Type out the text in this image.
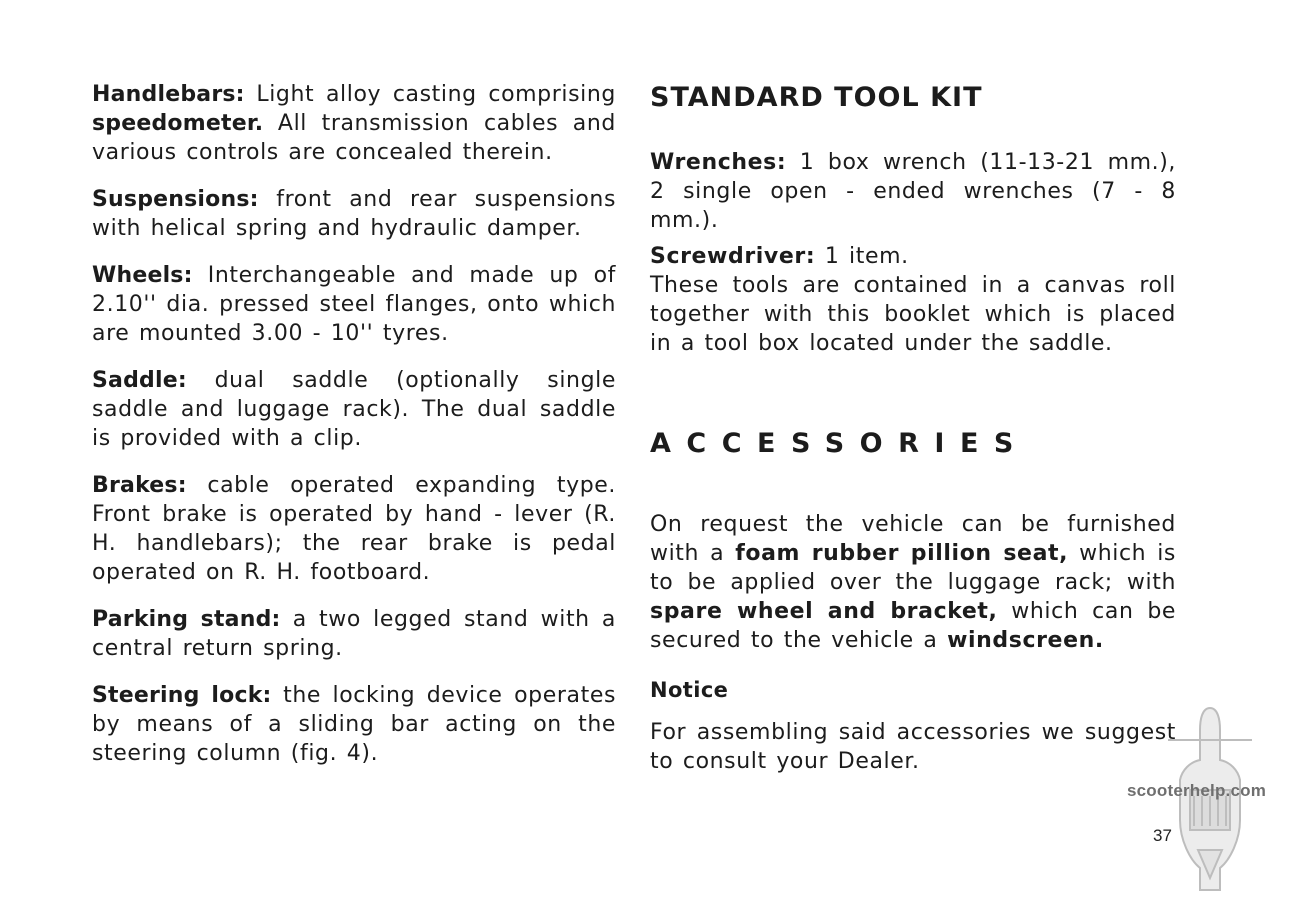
Handlebars: Light alloy casting comprising speedometer. All transmission cables and various controls are concealed therein.

Suspensions: front and rear suspensions with helical spring and hydraulic damper.

Wheels: Interchangeable and made up of 2.10'' dia. pressed steel flanges, onto which are mounted 3.00 - 10'' tyres.

Saddle: dual saddle (optionally single saddle and luggage rack). The dual saddle is provided with a clip.

Brakes: cable operated expanding type. Front brake is operated by hand - lever (R. H. handlebars); the rear brake is pedal operated on R. H. footboard.

Parking stand: a two legged stand with a central return spring.

Steering lock: the locking device operates by means of a sliding bar acting on the steering column (fig. 4).

STANDARD TOOL KIT

Wrenches: 1 box wrench (11-13-21 mm.), 2 single open - ended wrenches (7 - 8 mm.).

Screwdriver: 1 item.
These tools are contained in a canvas roll together with this booklet which is placed in a tool box located under the saddle.
ACCESSORIES

On request the vehicle can be furnished with a foam rubber pillion seat, which is to be applied over the luggage rack; with spare wheel and bracket, which can be secured to the vehicle a windscreen.

Notice

For assembling said accessories we suggest to consult your Dealer.

scooterhelp.com
37
